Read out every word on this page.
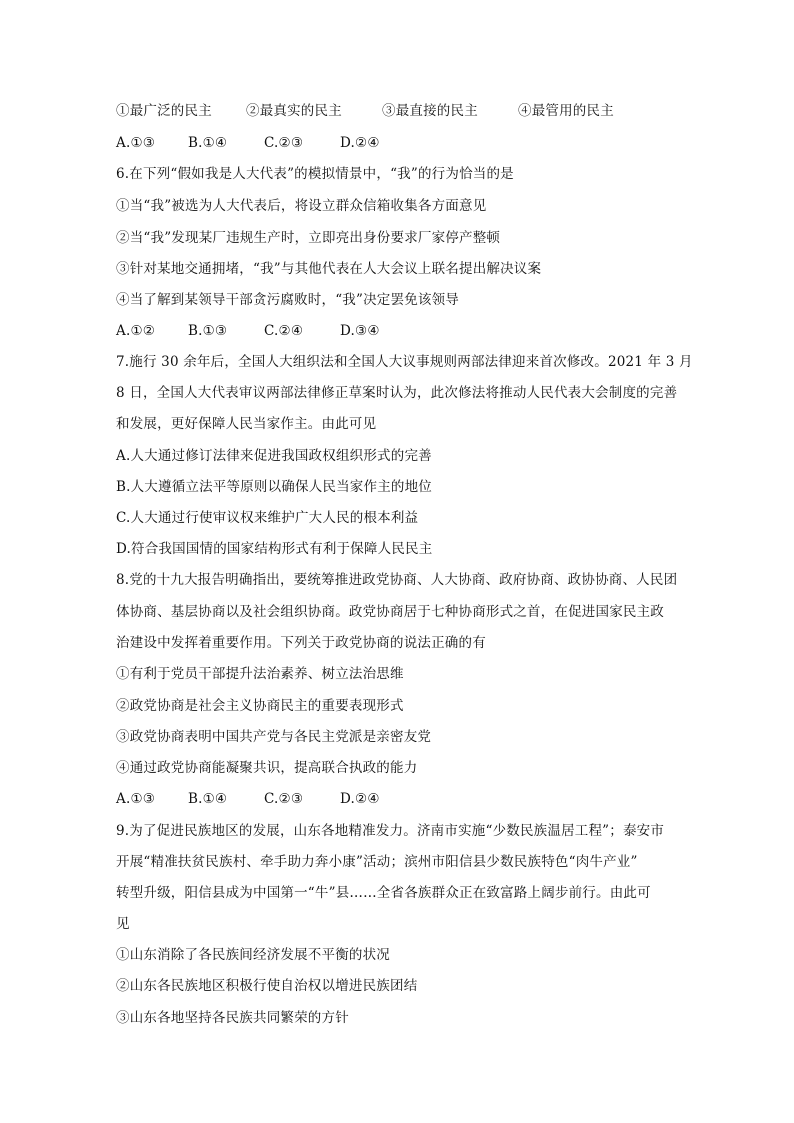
①最广泛的民主	②最真实的民主	③最直接的民主	④最管用的民主
A.①③ B.①④	C.②③	D.②④
6.在下列“假如我是人大代表”的模拟情景中，“我”的行为恰当的是
①当“我”被选为人大代表后，将设立群众信箱收集各方面意见
②当“我”发现某厂违规生产时，立即亮出身份要求厂家停产整顿
③针对某地交通拥堵，“我”与其他代表在人大会议上联名提出解决议案
④当了解到某领导干部贪污腐败时，“我”决定罢免该领导
A.①② B.①③	C.②④	D.③④
7.施行 30 余年后，全国人大组织法和全国人大议事规则两部法律迎来首次修改。2021 年 3 月
8 日，全国人大代表审议两部法律修正草案时认为，此次修法将推动人民代表大会制度的完善
和发展，更好保障人民当家作主。由此可见
A.人大通过修订法律来促进我国政权组织形式的完善
B.人大遵循立法平等原则以确保人民当家作主的地位
C.人大通过行使审议权来维护广大人民的根本利益
D.符合我国国情的国家结构形式有利于保障人民民主
8.党的十九大报告明确指出，要统筹推进政党协商、人大协商、政府协商、政协协商、人民团
体协商、基层协商以及社会组织协商。政党协商居于七种协商形式之首，在促进国家民主政
治建设中发挥着重要作用。下列关于政党协商的说法正确的有
①有利于党员干部提升法治素养、树立法治思维
②政党协商是社会主义协商民主的重要表现形式
③政党协商表明中国共产党与各民主党派是亲密友党
④通过政党协商能凝聚共识，提高联合执政的能力
A.①③ B.①④	C.②③	D.②④
9.为了促进民族地区的发展，山东各地精准发力。济南市实施“少数民族温居工程”；泰安市
开展“精准扶贫民族村、牵手助力奔小康”活动；滨州市阳信县少数民族特色“肉牛产业”
转型升级，阳信县成为中国第一“牛”县……全省各族群众正在致富路上阔步前行。由此可
见
①山东消除了各民族间经济发展不平衡的状况
②山东各民族地区积极行使自治权以增进民族团结
③山东各地坚持各民族共同繁荣的方针
